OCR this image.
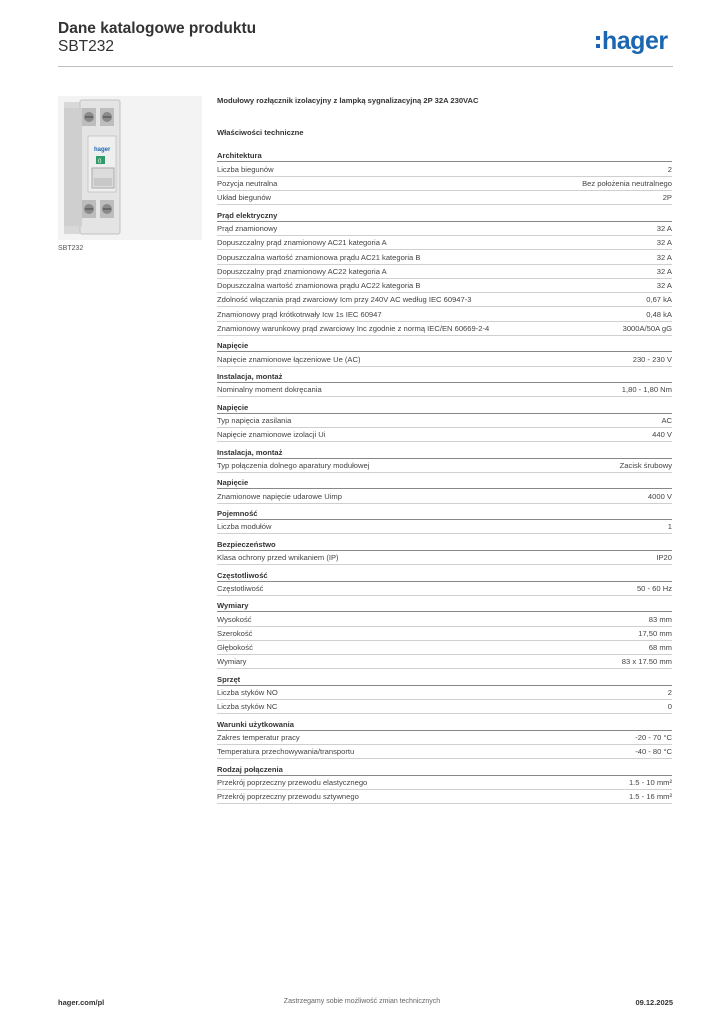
Dane katalogowe produktu
SBT232	hager
hager
0
SBT232
Modułowy rozłącznik izolacyjny z lampką sygnalizacyjną 2P 32A 230VAC
Właściwości techniczne
Architektura
Liczba biegunów	2
Pozycja neutralna	Bez położenia neutralnego
Układ biegunów	2P
Prąd elektryczny
Prąd znamionowy	32 A
Dopuszczalny prąd znamionowy AC21 kategoria A	32 A
Dopuszczalna wartość znamionowa prądu AC21 kategoria B	32 A
Dopuszczalny prąd znamionowy AC22 kategoria A	32 A
Dopuszczalna wartość znamionowa prądu AC22 kategoria B	32 A
Zdolność włączania prąd zwarciowy Icm przy 240V AC według IEC 60947-3	0,67 kA
Znamionowy prąd krótkotrwały Icw 1s IEC 60947	0,48 kA
Znamionowy warunkowy prąd zwarciowy Inc zgodnie z normą IEC/EN 60669-2-4	3000A/50A gG
Napięcie
Napięcie znamionowe łączeniowe Ue (AC)	230 - 230 V
Instalacja, montaż
Nominalny moment dokręcania	1,80 - 1,80 Nm
Napięcie
Typ napięcia zasilania	AC
Napięcie znamionowe izolacji Ui	440 V
Instalacja, montaż
Typ połączenia dolnego aparatury modułowej	Zacisk śrubowy
Napięcie
Znamionowe napięcie udarowe Uimp	4000 V
Pojemność
Liczba modułów	1
Bezpieczeństwo
Klasa ochrony przed wnikaniem (IP)	IP20
Częstotliwość
Częstotliwość	50 - 60 Hz
Wymiary
Wysokość	83 mm
Szerokość	17,50 mm
Głębokość	68 mm
Wymiary	83 x 17.50 mm
Sprzęt
Liczba styków NO	2
Liczba styków NC	0
Warunki użytkowania
Zakres temperatur pracy	-20 - 70 °C
Temperatura przechowywania/transportu	-40 - 80 °C
Rodzaj połączenia
Przekrój poprzeczny przewodu elastycznego	1.5 - 10 mm²
Przekrój poprzeczny przewodu sztywnego	1.5 - 16 mm²
hager.com/pl	Zastrzegamy sobie możliwość zmian technicznych	09.12.2025
